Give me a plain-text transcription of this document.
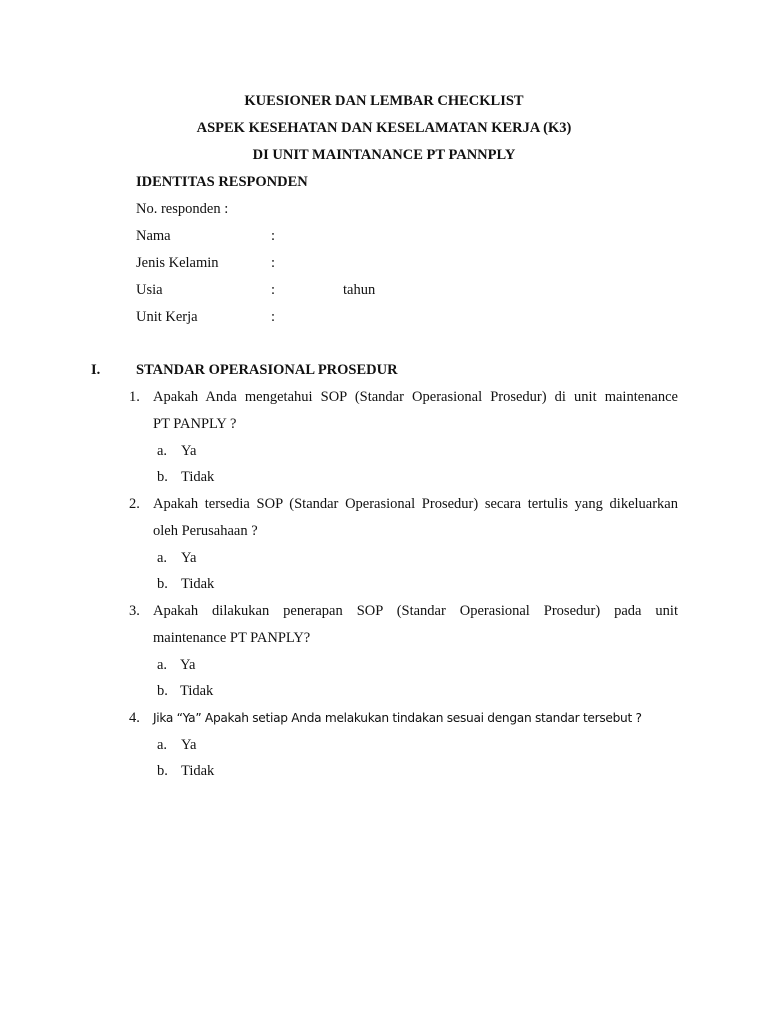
KUESIONER DAN LEMBAR CHECKLIST
ASPEK KESEHATAN DAN KESELAMATAN KERJA (K3)
DI UNIT MAINTANANCE PT PANNPLY
IDENTITAS RESPONDEN
No. responden :
Nama	:
Jenis Kelamin	:
Usia	:	tahun
Unit Kerja	:
I. STANDAR OPERASIONAL PROSEDUR
1. Apakah Anda mengetahui SOP (Standar Operasional Prosedur) di unit maintenance
PT PANPLY ?
a. Ya
b. Tidak
2. Apakah tersedia SOP (Standar Operasional Prosedur) secara tertulis yang dikeluarkan
oleh Perusahaan ?
a. Ya
b. Tidak
3. Apakah dilakukan penerapan SOP (Standar Operasional Prosedur) pada unit
maintenance PT PANPLY?
a. Ya
b. Tidak
4. Jika “Ya” Apakah setiap Anda melakukan tindakan sesuai dengan standar tersebut ?
a. Ya
b. Tidak
